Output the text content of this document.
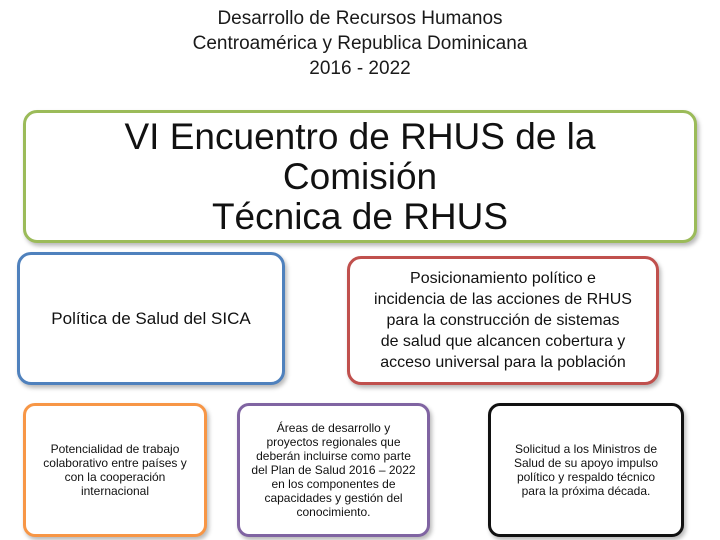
Desarrollo de Recursos Humanos
Centroamérica y Republica Dominicana
2016 - 2022
VI Encuentro de RHUS de la Comisión
Técnica de RHUS
Política de Salud del SICA
Posicionamiento político e
incidencia de las acciones de RHUS
para la construcción de sistemas
de salud que alcancen cobertura y
acceso universal para la población
Potencialidad de trabajo
colaborativo entre países y
con la cooperación
internacional
Áreas de desarrollo y
proyectos regionales que
deberán incluirse como parte
del Plan de Salud 2016 – 2022
en los componentes de
capacidades y gestión del
conocimiento.
Solicitud a los Ministros de
Salud de su apoyo impulso
político y respaldo técnico
para la próxima década.
